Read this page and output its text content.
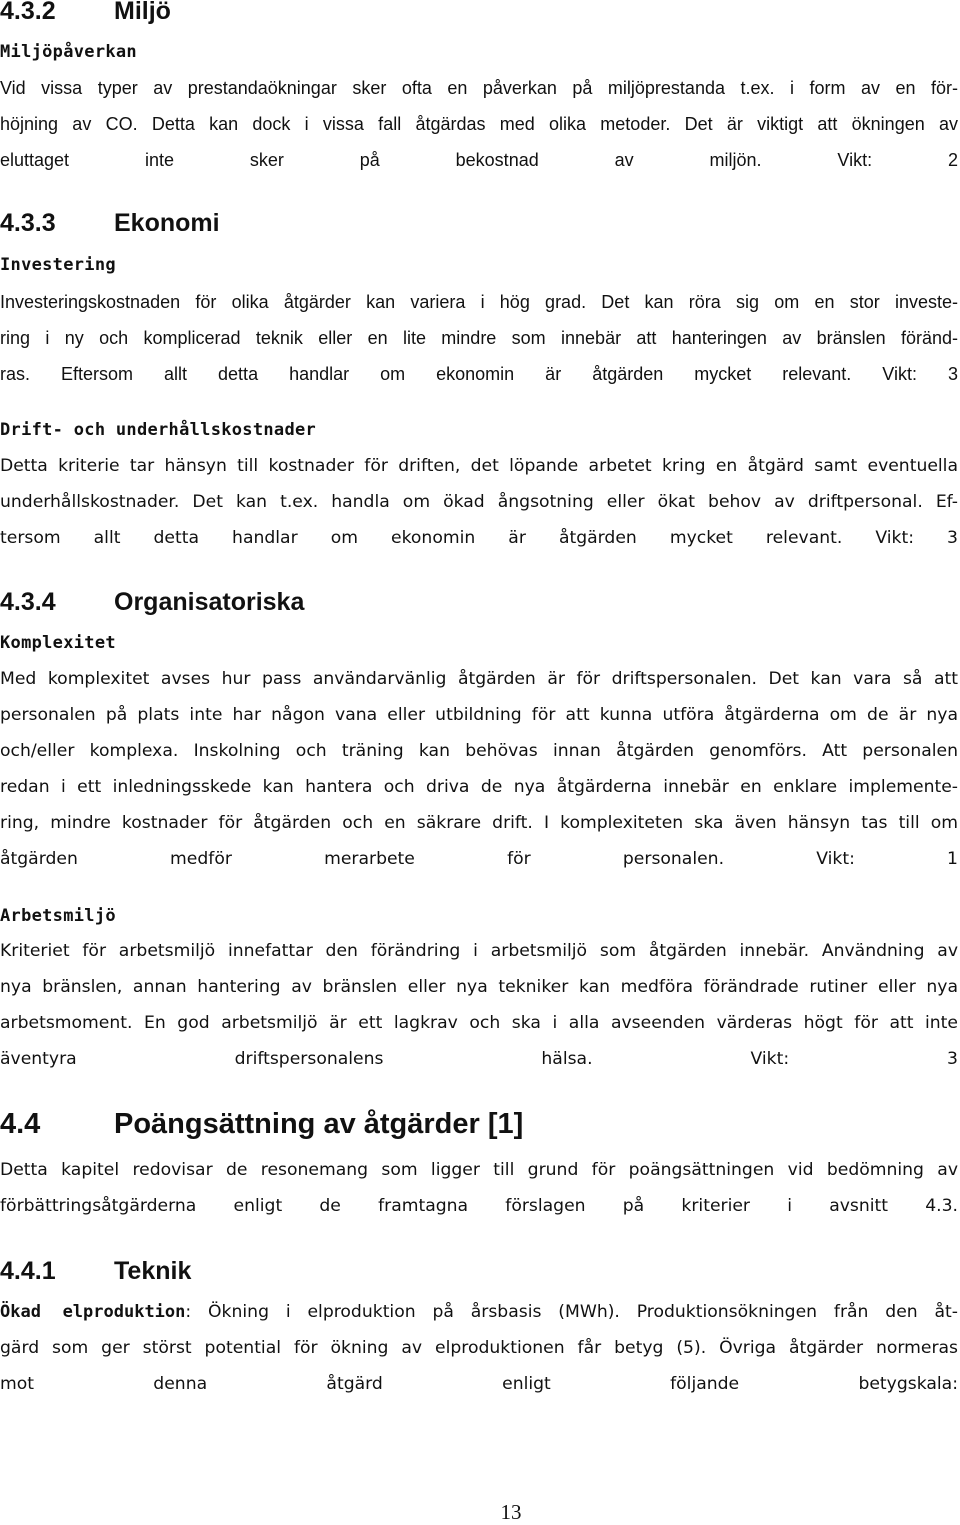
4.3.2 Miljö

Miljöpåverkan

Vid vissa typer av prestandaökningar sker ofta en påverkan på miljöprestanda t.ex. i form av en för-
höjning av CO. Detta kan dock i vissa fall åtgärdas med olika metoder. Det är viktigt att ökningen av
eluttaget inte sker på bekostnad av miljön. Vikt: 2
4.3.3 Ekonomi

Investering

Investeringskostnaden för olika åtgärder kan variera i hög grad. Det kan röra sig om en stor investe-
ring i ny och komplicerad teknik eller en lite mindre som innebär att hanteringen av bränslen föränd-
ras. Eftersom allt detta handlar om ekonomin är åtgärden mycket relevant. Vikt: 3

Drift- och underhållskostnader

Detta kriterie tar hänsyn till kostnader för driften, det löpande arbetet kring en åtgärd samt eventuella
underhållskostnader. Det kan t.ex. handla om ökad ångsotning eller ökat behov av driftpersonal. Ef-
tersom allt detta handlar om ekonomin är åtgärden mycket relevant. Vikt: 3
4.3.4 Organisatoriska

Komplexitet

Med komplexitet avses hur pass användarvänlig åtgärden är för driftspersonalen. Det kan vara så att
personalen på plats inte har någon vana eller utbildning för att kunna utföra åtgärderna om de är nya
och/eller komplexa. Inskolning och träning kan behövas innan åtgärden genomförs. Att personalen
redan i ett inledningsskede kan hantera och driva de nya åtgärderna innebär en enklare implemente-
ring, mindre kostnader för åtgärden och en säkrare drift. I komplexiteten ska även hänsyn tas till om
åtgärden medför merarbete för personalen. Vikt: 1

Arbetsmiljö

Kriteriet för arbetsmiljö innefattar den förändring i arbetsmiljö som åtgärden innebär. Användning av
nya bränslen, annan hantering av bränslen eller nya tekniker kan medföra förändrade rutiner eller nya
arbetsmoment. En god arbetsmiljö är ett lagkrav och ska i alla avseenden värderas högt för att inte
äventyra driftspersonalens hälsa. Vikt: 3
4.4	Poängsättning av åtgärder [1]
Detta kapitel redovisar de resonemang som ligger till grund för poängsättningen vid bedömning av
förbättringsåtgärderna enligt de framtagna förslagen på kriterier i avsnitt 4.3.
4.4.1 Teknik
Ökad elproduktion: Ökning i elproduktion på årsbasis (MWh). Produktionsökningen från den åt-
gärd som ger störst potential för ökning av elproduktionen får betyg (5). Övriga åtgärder normeras
mot denna åtgärd enligt följande betygskala:
13
